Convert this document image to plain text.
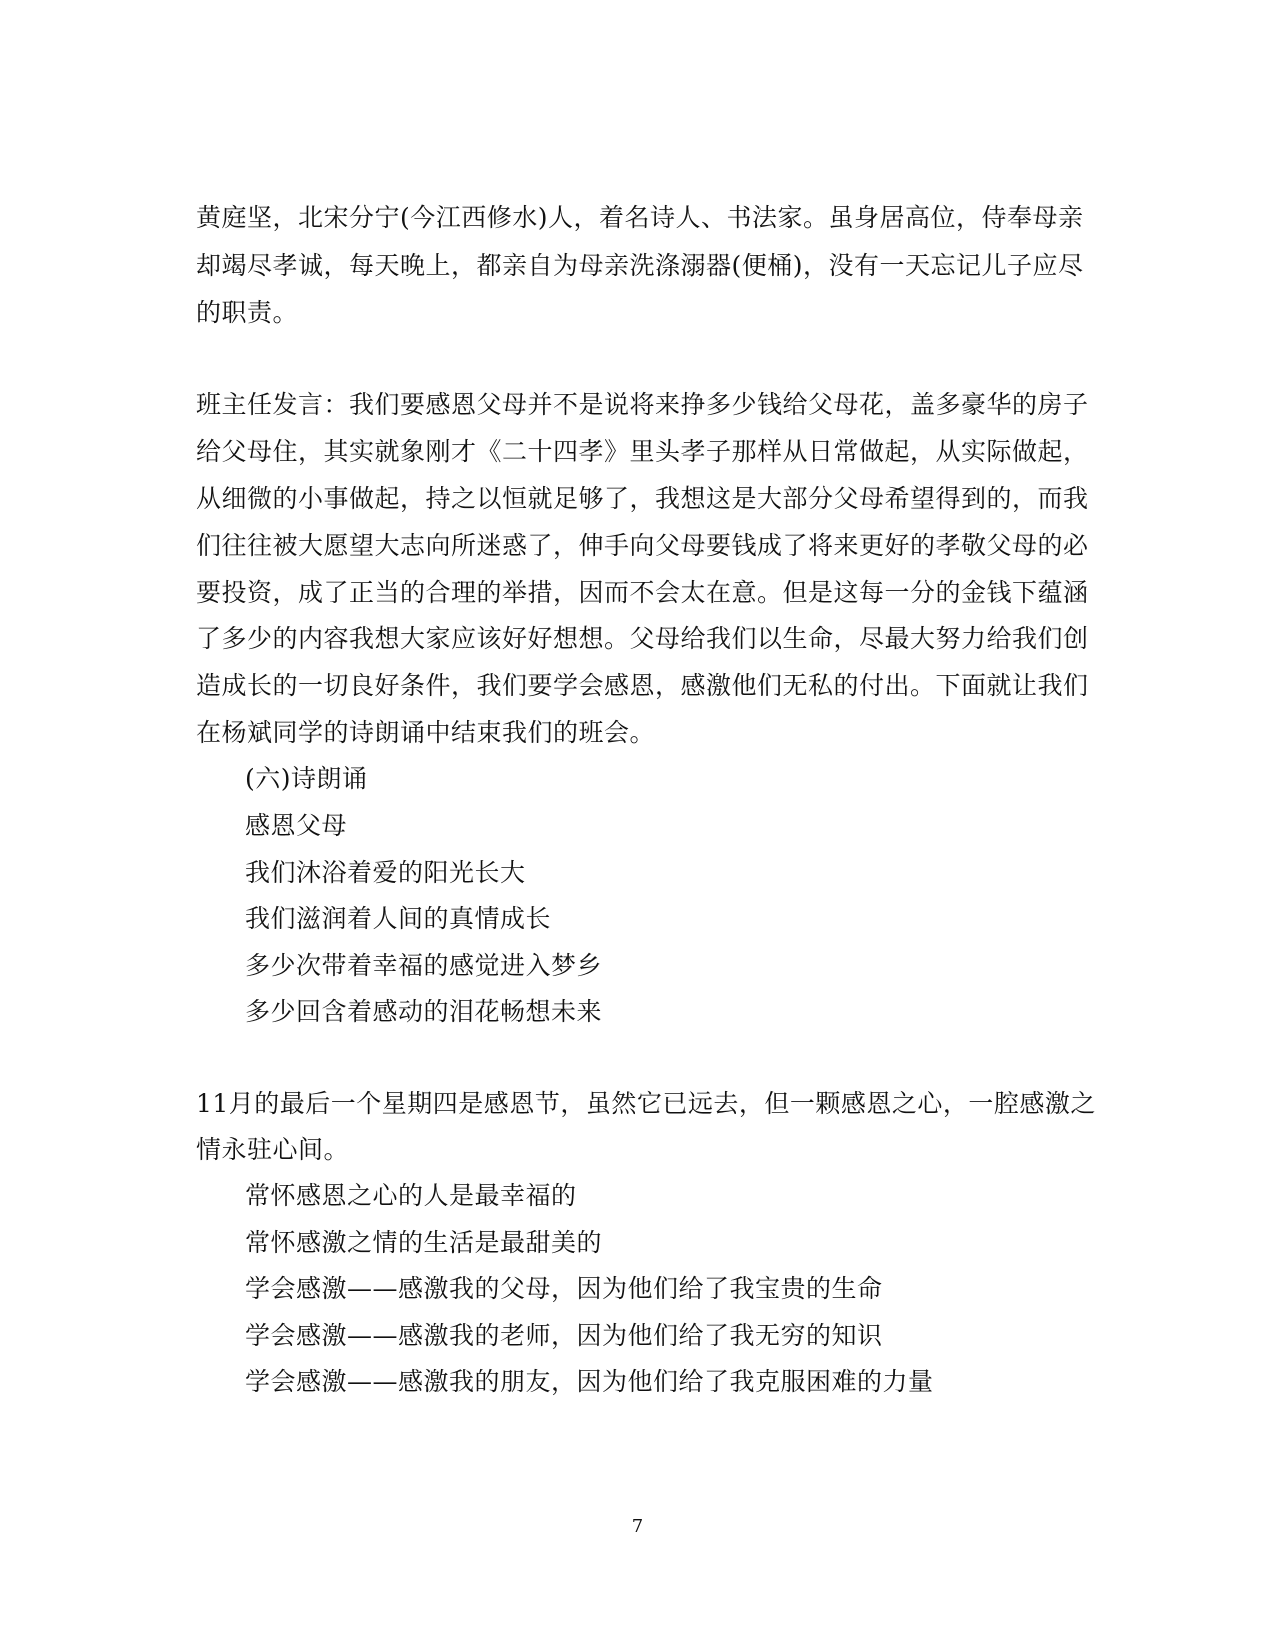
黄庭坚，北宋分宁(今江西修水)人，着名诗人、书法家。虽身居高位，侍奉母亲
却竭尽孝诚，每天晚上，都亲自为母亲洗涤溺器(便桶)，没有一天忘记儿子应尽
的职责。
班主任发言：我们要感恩父母并不是说将来挣多少钱给父母花，盖多豪华的房子
给父母住，其实就象刚才《二十四孝》里头孝子那样从日常做起，从实际做起，
从细微的小事做起，持之以恒就足够了，我想这是大部分父母希望得到的，而我
们往往被大愿望大志向所迷惑了，伸手向父母要钱成了将来更好的孝敬父母的必
要投资，成了正当的合理的举措，因而不会太在意。但是这每一分的金钱下蕴涵
了多少的内容我想大家应该好好想想。父母给我们以生命，尽最大努力给我们创
造成长的一切良好条件，我们要学会感恩，感激他们无私的付出。下面就让我们
在杨斌同学的诗朗诵中结束我们的班会。
(六)诗朗诵
感恩父母
我们沐浴着爱的阳光长大
我们滋润着人间的真情成长
多少次带着幸福的感觉进入梦乡
多少回含着感动的泪花畅想未来
11月的最后一个星期四是感恩节，虽然它已远去，但一颗感恩之心，一腔感激之
情永驻心间。
常怀感恩之心的人是最幸福的
常怀感激之情的生活是最甜美的
学会感激——感激我的父母，因为他们给了我宝贵的生命
学会感激——感激我的老师，因为他们给了我无穷的知识
学会感激——感激我的朋友，因为他们给了我克服困难的力量
7
